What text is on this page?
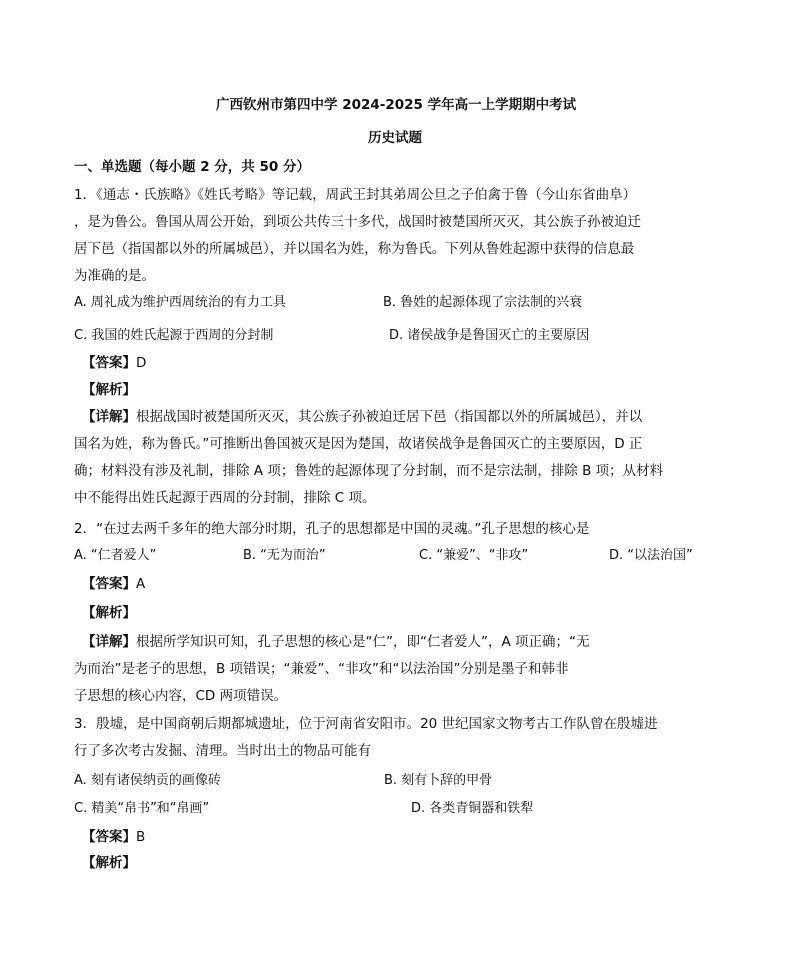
广西钦州市第四中学 2024-2025 学年高一上学期期中考试
历史试题
一、单选题（每小题 2 分，共 50 分）
1．《通志・氏族略》《姓氏考略》等记载，周武王封其弟周公旦之子伯禽于鲁（今山东省曲阜）
，是为鲁公。鲁国从周公开始，到顷公共传三十多代，战国时被楚国所灭灭，其公族子孙被迫迁
居下邑（指国都以外的所属城邑），并以国名为姓，称为鲁氏。下列从鲁姓起源中获得的信息最
为准确的是。
A. 周礼成为维护西周统治的有力工具	B. 鲁姓的起源体现了宗法制的兴衰
C. 我国的姓氏起源于西周的分封制	D. 诸侯战争是鲁国灭亡的主要原因
【答案】D
【解析】
【详解】根据战国时被楚国所灭灭，其公族子孙被迫迁居下邑（指国都以外的所属城邑），并以
国名为姓，称为鲁氏。”可推断出鲁国被灭是因为楚国，故诸侯战争是鲁国灭亡的主要原因，D 正
确；材料没有涉及礼制，排除 A 项；鲁姓的起源体现了分封制，而不是宗法制，排除 B 项；从材料
中不能得出姓氏起源于西周的分封制，排除 C 项。
2．“在过去两千多年的绝大部分时期，孔子的思想都是中国的灵魂。”孔子思想的核心是
A. “仁者爱人”	B. “无为而治”	C. “兼爱”、“非攻”	D. “以法治国”
【答案】A
【解析】
【详解】根据所学知识可知，孔子思想的核心是“仁”，即“仁者爱人”，A 项正确；“无
为而治”是老子的思想，B 项错误；“兼爱”、“非攻”和“以法治国”分别是墨子和韩非
子思想的核心内容，CD 两项错误。
3．殷墟，是中国商朝后期都城遗址，位于河南省安阳市。20 世纪国家文物考古工作队曾在殷墟进
行了多次考古发掘、清理。当时出土的物品可能有
A. 刻有诸侯纳贡的画像砖	B. 刻有卜辞的甲骨
C. 精美“帛书”和“帛画”	D. 各类青铜器和铁犁
【答案】B
【解析】
